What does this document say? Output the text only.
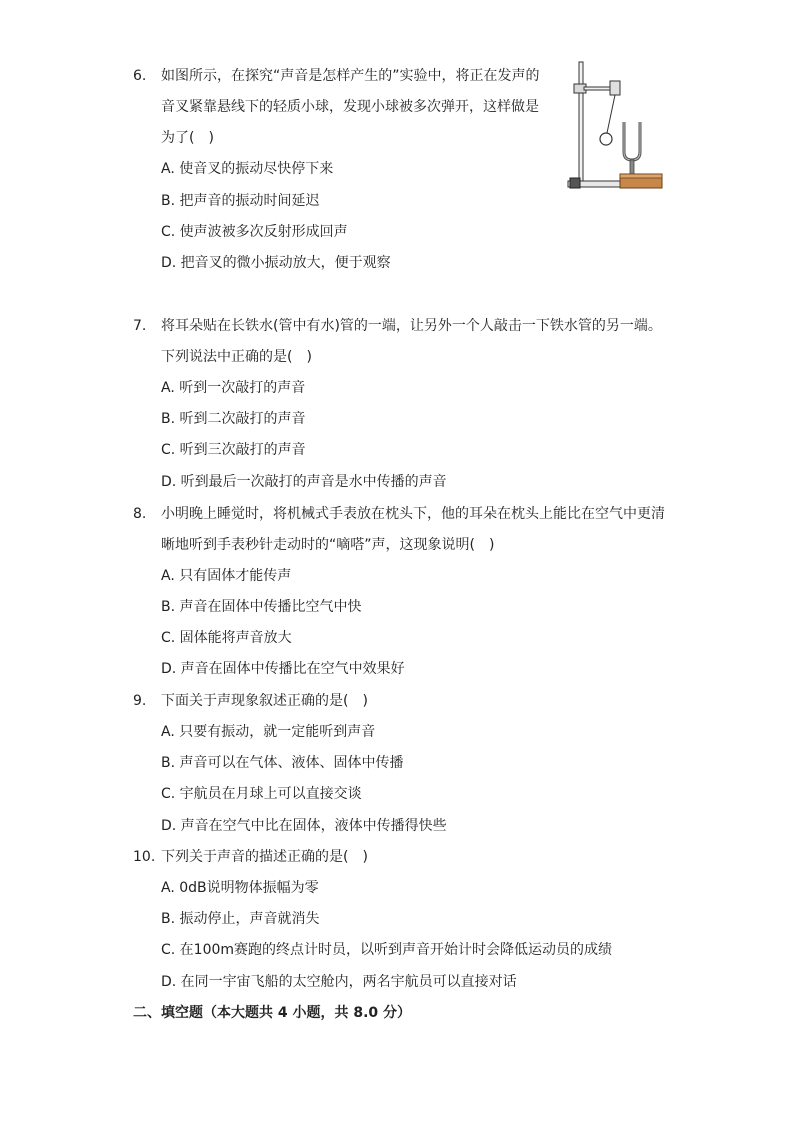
6. 如图所示，在探究“声音是怎样产生的”实验中，将正在发声的
音叉紧靠悬线下的轻质小球，发现小球被多次弹开，这样做是
为了(　)
A. 使音叉的振动尽快停下来
B. 把声音的振动时间延迟
C. 使声波被多次反射形成回声
D. 把音叉的微小振动放大，便于观察
7. 将耳朵贴在长铁水(管中有水)管的一端，让另外一个人敲击一下铁水管的另一端。
下列说法中正确的是(　)
A. 听到一次敲打的声音
B. 听到二次敲打的声音
C. 听到三次敲打的声音
D. 听到最后一次敲打的声音是水中传播的声音
8. 小明晚上睡觉时，将机械式手表放在枕头下，他的耳朵在枕头上能比在空气中更清
晰地听到手表秒针走动时的“嘀嗒”声，这现象说明(　)
A. 只有固体才能传声
B. 声音在固体中传播比空气中快
C. 固体能将声音放大
D. 声音在固体中传播比在空气中效果好
9. 下面关于声现象叙述正确的是(　)
A. 只要有振动，就一定能听到声音
B. 声音可以在气体、液体、固体中传播
C. 宇航员在月球上可以直接交谈
D. 声音在空气中比在固体，液体中传播得快些
10. 下列关于声音的描述正确的是(　)
A. 0dB说明物体振幅为零
B. 振动停止，声音就消失
C. 在100m赛跑的终点计时员，以听到声音开始计时会降低运动员的成绩
D. 在同一宇宙飞船的太空舱内，两名宇航员可以直接对话
二、填空题（本大题共 4 小题，共 8.0 分）
